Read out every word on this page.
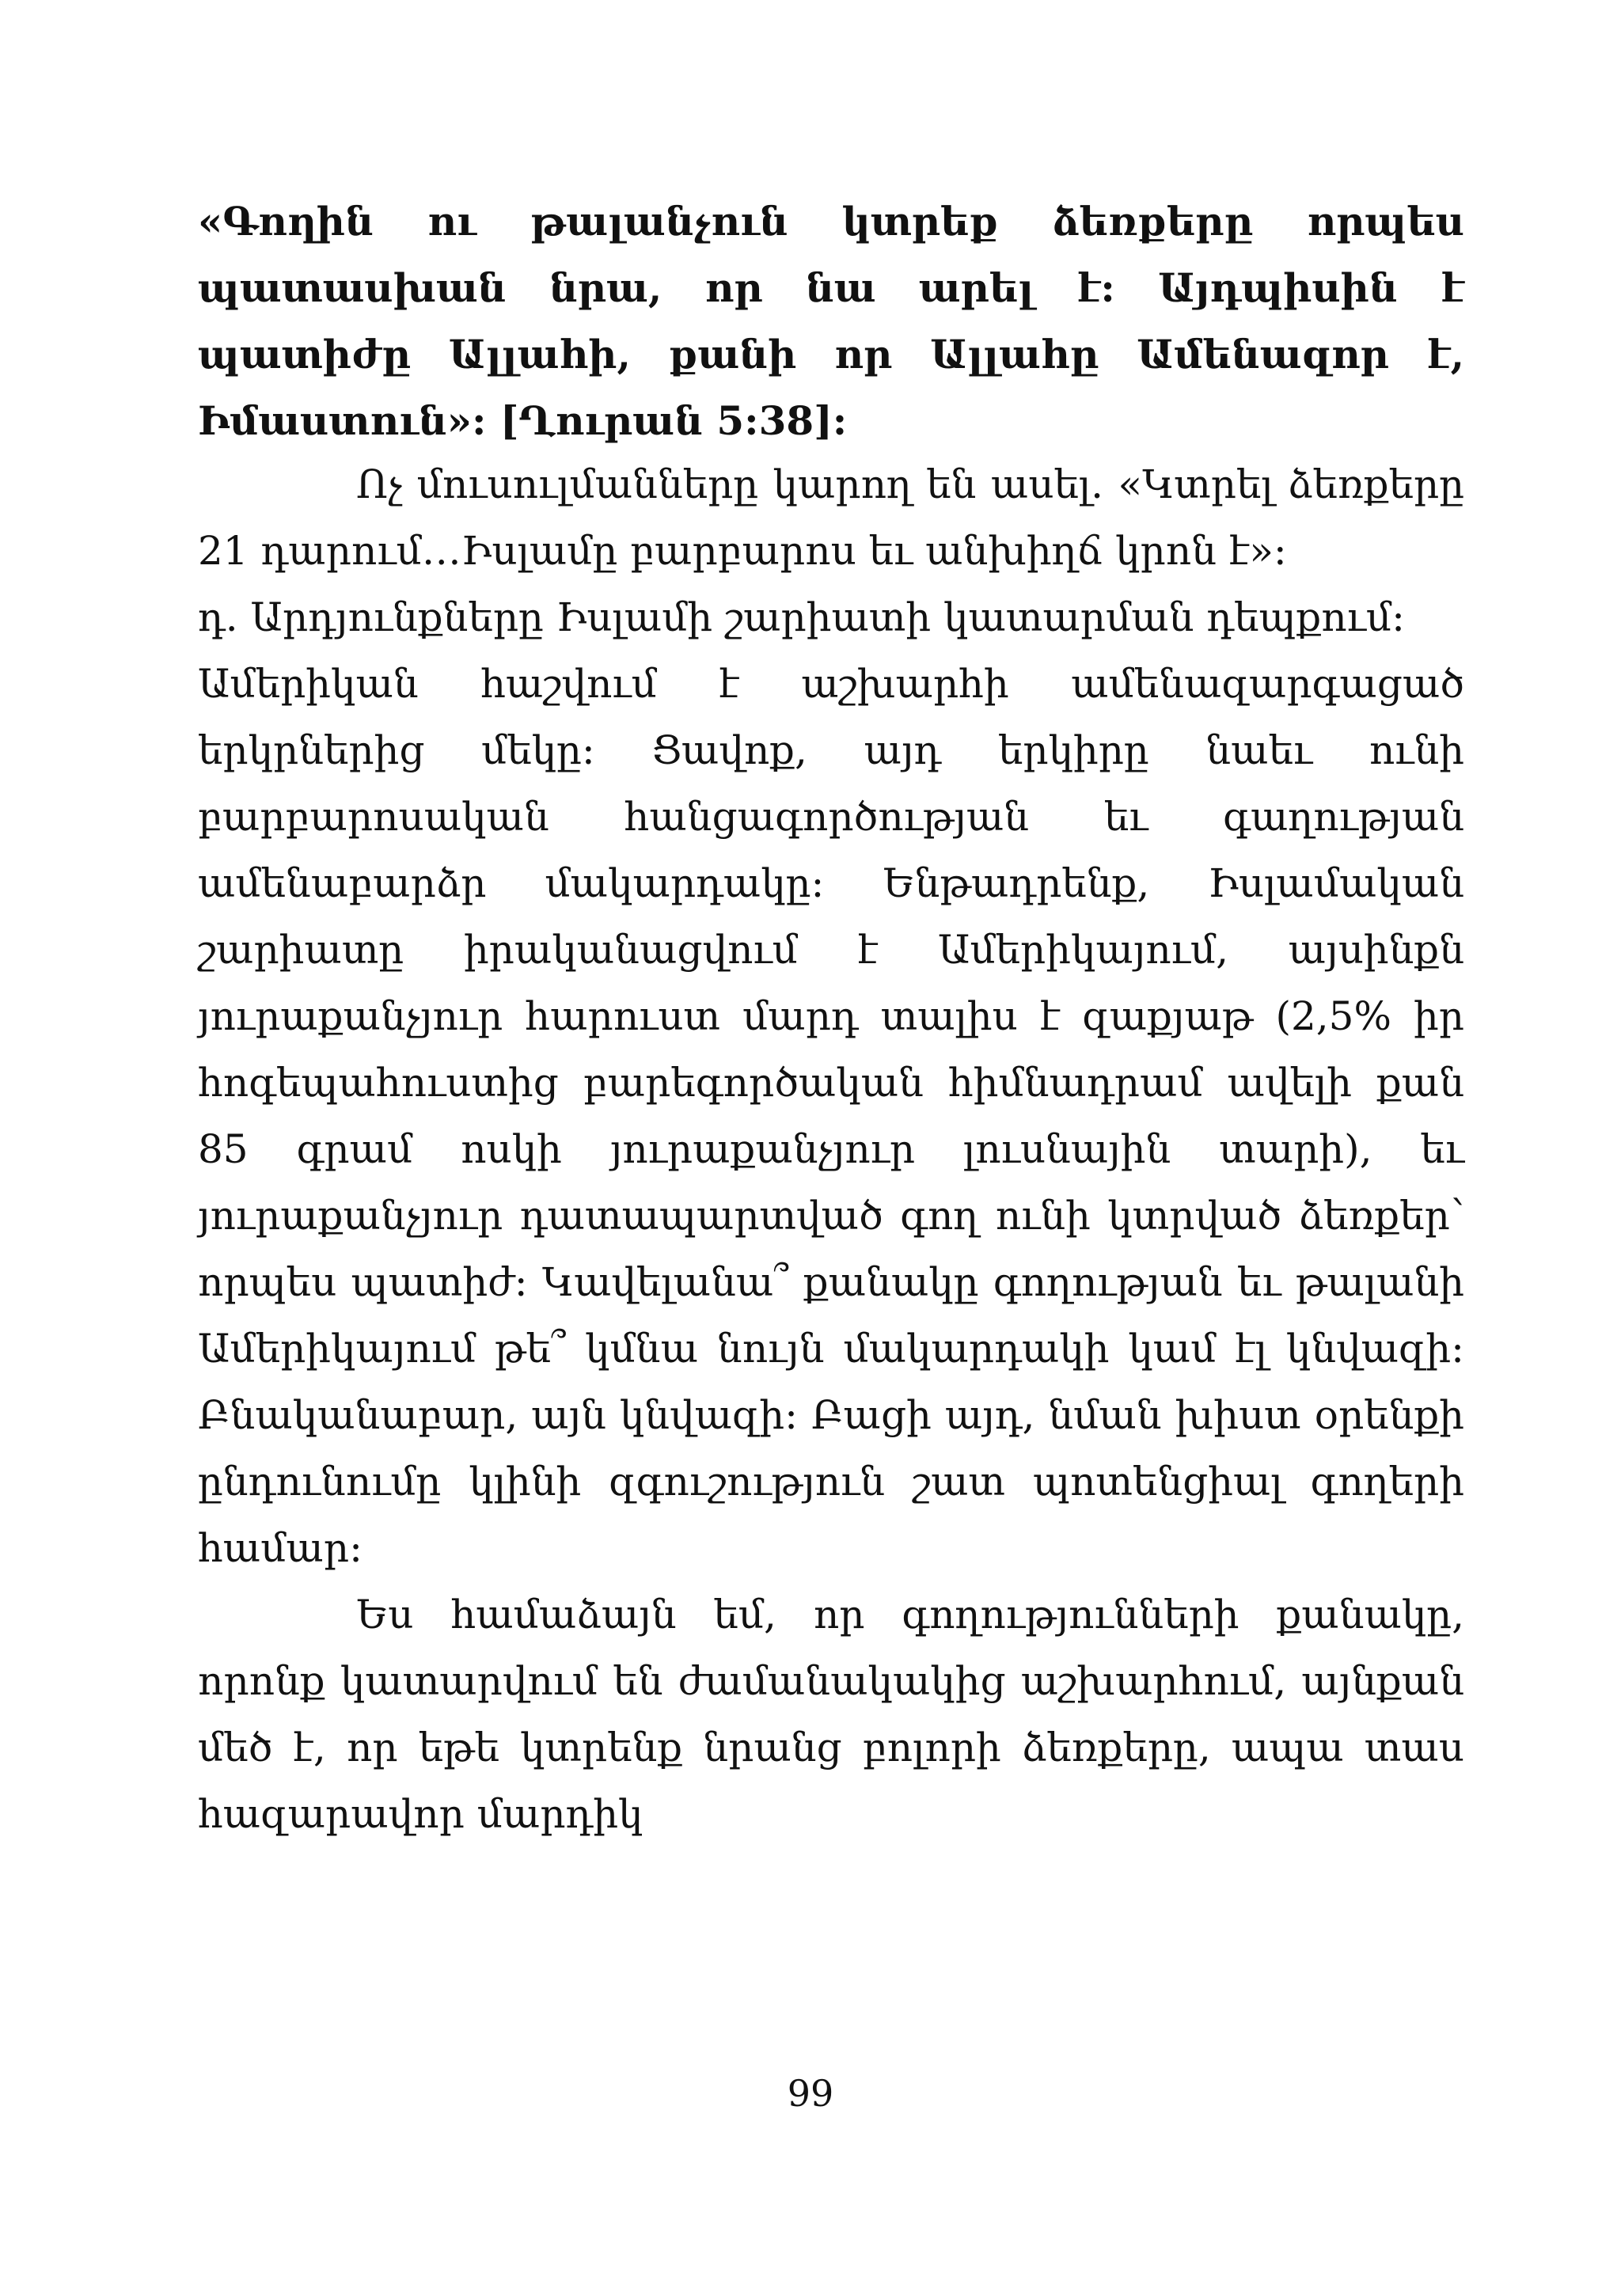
«Գողին ու թալանչուն կտրեք ձեռքերը որպես պատասխան նրա, որ նա արել է: Այդպիսին է պատիժը Ալլահի, քանի որ Ալլահը Ամենազոր է, Իմաստուն»: [Ղուրան 5:38]:

Ոչ մուսուլմանները կարող են ասել. «Կտրել ձեռքերը 21 դարում…Իսլամը բարբարոս եւ անխիղճ կրոն է»:

դ. Արդյունքները Իսլամի շարիատի կատարման դեպքում:

Ամերիկան հաշվում է աշխարհի ամենազարգացած երկրներից մեկը: Ցավոք, այդ երկիրը նաեւ ունի բարբարոսական հանցագործության եւ գաղության ամենաբարձր մակարդակը: Ենթադրենք, Իսլամական շարիատը իրականացվում է Ամերիկայում, այսինքն յուրաքանչյուր հարուստ մարդ տալիս է զաքյաթ (2,5% իր հոգեպահուստից բարեգործական հիմնադրամ ավելի քան 85 գրամ ոսկի յուրաքանչյուր լուսնային տարի), եւ յուրաքանչյուր դատապարտված գող ունի կտրված ձեռքեր՝ որպես պատիժ: Կավելանա՞ քանակը գողության եւ թալանի Ամերիկայում թե՞ կմնա նույն մակարդակի կամ էլ կնվազի: Բնականաբար, այն կնվազի: Բացի այդ, նման խիստ օրենքի ընդունումը կլինի զգուշություն շատ պոտենցիալ գողերի համար:

Ես համաձայն եմ, որ գողությունների քանակը, որոնք կատարվում են ժամանակակից աշխարհում, այնքան մեծ է, որ եթե կտրենք նրանց բոլորի ձեռքերը, ապա տաս հազարավոր մարդիկ

99
